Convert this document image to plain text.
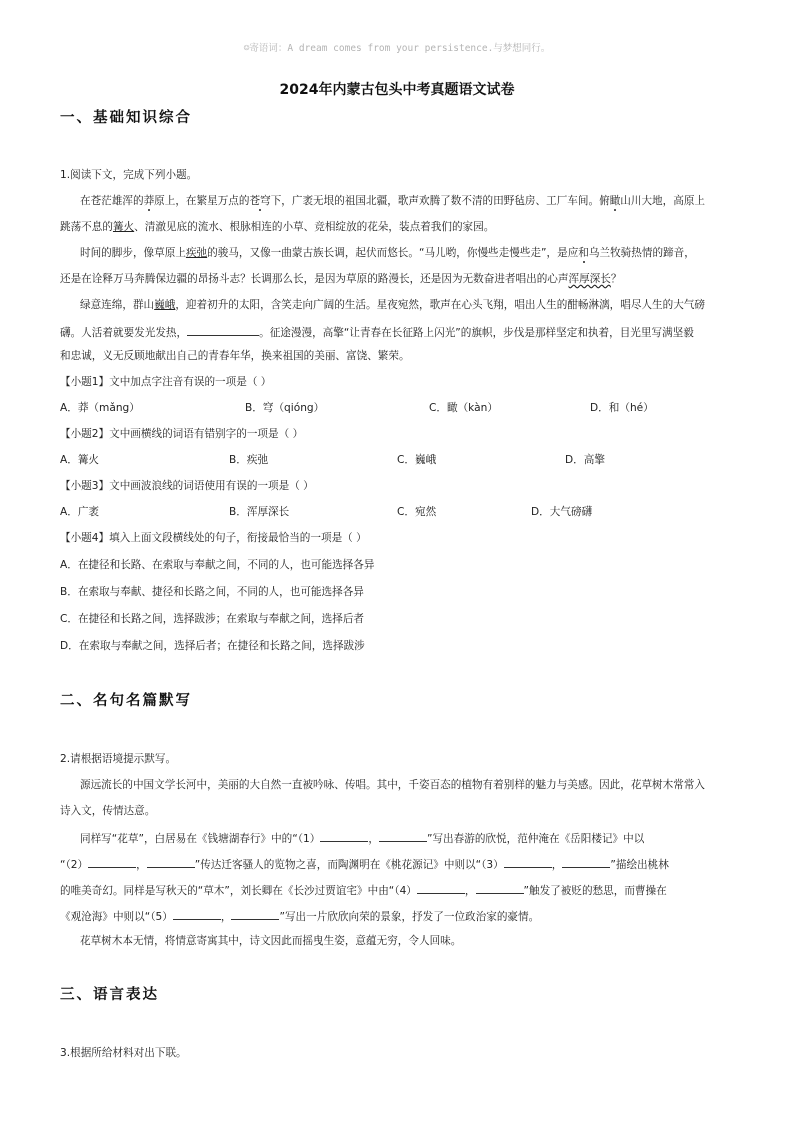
☺寄语词：A dream comes from your persistence.与梦想同行。
2024年内蒙古包头中考真题语文试卷
一、基础知识综合
1.阅读下文，完成下列小题。
在苍茫雄浑的莽原上，在繁星万点的苍穹下，广袤无垠的祖国北疆，歌声欢腾了数不清的田野毡房、工厂车间。俯瞰山川大地，高原上
跳荡不息的篝火、清澈见底的流水、根脉相连的小草、竞相绽放的花朵，装点着我们的家园。
时间的脚步，像草原上疾弛的骏马，又像一曲蒙古族长调，起伏而悠长。“马儿哟，你慢些走慢些走”，是应和乌兰牧骑热情的蹄音，
还是在诠释万马奔腾保边疆的昂扬斗志？长调那么长，是因为草原的路漫长，还是因为无数奋进者唱出的心声浑厚深长？
绿意连绵，群山巍峨，迎着初升的太阳，含笑走向广阔的生活。星夜宛然，歌声在心头飞翔，唱出人生的酣畅淋漓，唱尽人生的大气磅
礴。人活着就要发光发热，	。征途漫漫，高擎“让青春在长征路上闪光”的旗帜，步伐是那样坚定和执着，目光里写满坚毅
和忠诚，义无反顾地献出自己的青春年华，换来祖国的美丽、富饶、繁荣。
【小题1】文中加点字注音有误的一项是（ ）
A．莽（mǎng）	B．穹（qióng）	C．瞰（kàn）	D．和（hé）
【小题2】文中画横线的词语有错别字的一项是（ ）
A．篝火	B．疾弛	C．巍峨	D．高擎
【小题3】文中画波浪线的词语使用有误的一项是（ ）
A．广袤	B．浑厚深长	C．宛然	D．大气磅礴
【小题4】填入上面文段横线处的句子，衔接最恰当的一项是（ ）
A．在捷径和长路、在索取与奉献之间，不同的人，也可能选择各异
B．在索取与奉献、捷径和长路之间，不同的人，也可能选择各异
C．在捷径和长路之间，选择跋涉；在索取与奉献之间，选择后者
D．在索取与奉献之间，选择后者；在捷径和长路之间，选择跋涉
二、名句名篇默写
2.请根据语境提示默写。
源远流长的中国文学长河中，美丽的大自然一直被吟咏、传唱。其中，千姿百态的植物有着别样的魅力与美感。因此，花草树木常常入
诗入文，传情达意。
同样写“花草”，白居易在《钱塘湖春行》中的“（1）	，	”写出春游的欣悦，范仲淹在《岳阳楼记》中以
“（2）	，	”传达迁客骚人的览物之喜，而陶渊明在《桃花源记》中则以“（3）	，	”描绘出桃林
的唯美奇幻。同样是写秋天的“草木”，刘长卿在《长沙过贾谊宅》中由“（4）	，	”触发了被贬的愁思，而曹操在
《观沧海》中则以“（5）	，	”写出一片欣欣向荣的景象，抒发了一位政治家的豪情。
花草树木本无情，将情意寄寓其中，诗文因此而摇曳生姿，意蕴无穷，令人回味。
三、语言表达
3.根据所给材料对出下联。
